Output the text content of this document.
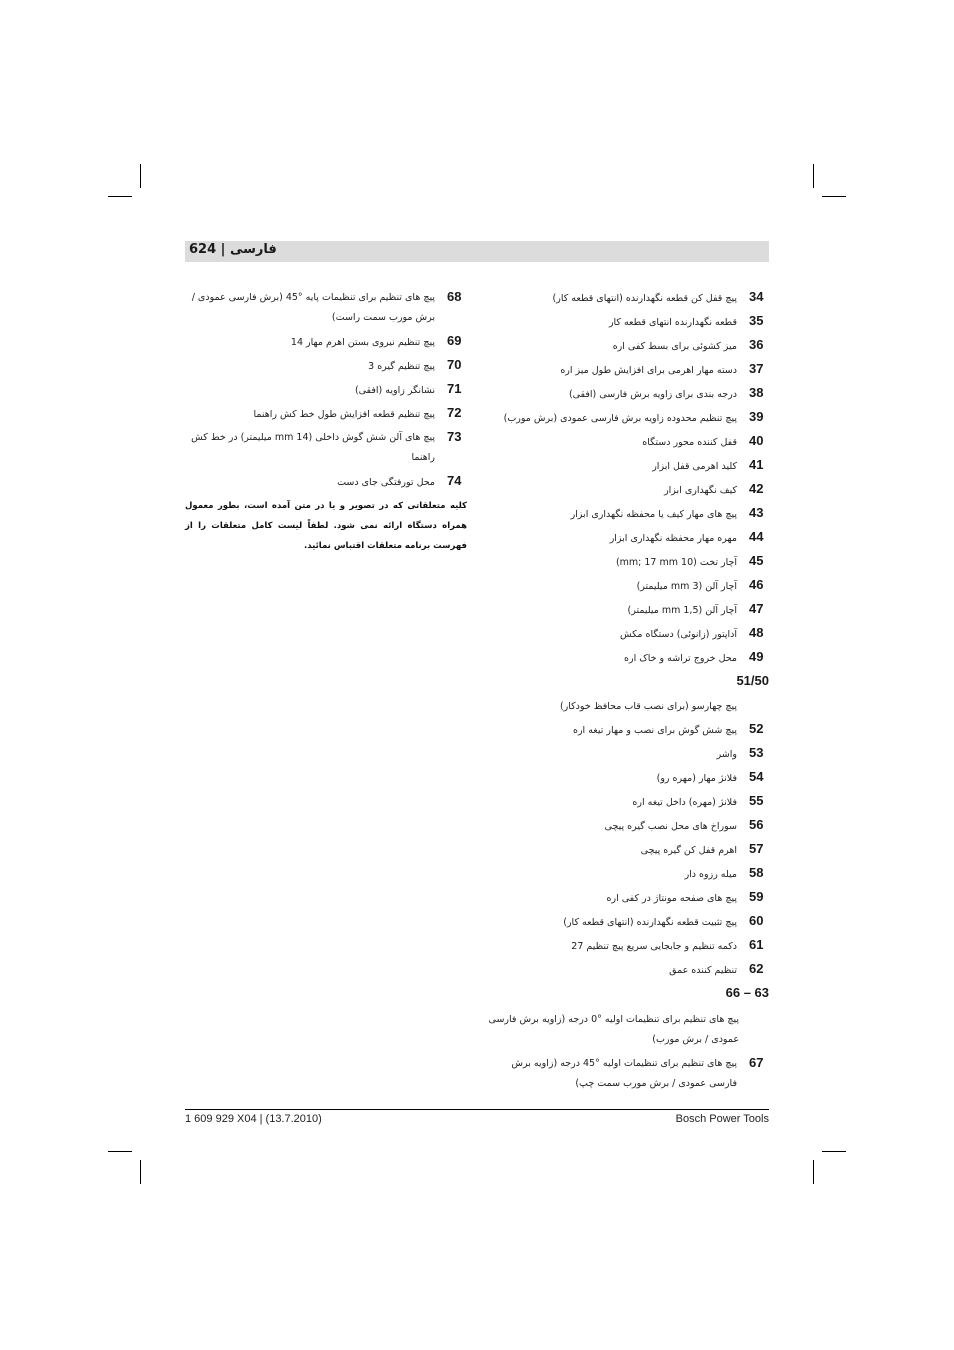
624 | فارسی
34
پیچ قفل کن قطعه نگهدارنده (انتهای قطعه کار)
35
قطعه نگهدارنده انتهای قطعه کار
36
میز کشوئی برای بسط کفی اره
37
دسته مهار اهرمی برای افزایش طول میز اره
38
درجه بندی برای زاویه برش فارسی (افقی)
39
پیچ تنظیم محدوده زاویه برش فارسی عمودی (برش مورب)
40
قفل کننده محور دستگاه
41
کلید اهرمی قفل ابزار
42
کیف نگهداری ابزار
43
پیچ های مهار کیف یا محفظه نگهداری ابزار
44
مهره مهار محفظه نگهداری ابزار
45
آچار تخت (10 mm; 17 mm)
46
آچار آلن (3 mm میلیمتر)
47
آچار آلن (1,5 mm میلیمتر)
48
آداپتور (زانوئی) دستگاه مکش
49
محل خروج تراشه و خاک اره
51/50
پیچ چهارسو (برای نصب قاب محافظ خودکار)
52
پیچ شش گوش برای نصب و مهار تیغه اره
53
واشر
54
فلانژ مهار (مهره رو)
55
فلانژ (مهره) داخل تیغه اره
56
سوراخ های محل نصب گیره پیچی
57
اهرم قفل کن گیره پیچی
58
میله رزوه دار
59
پیچ های صفحه مونتاژ در کفی اره
60
پیچ تثبیت قطعه نگهدارنده (انتهای قطعه کار)
61
دکمه تنظیم و جابجایی سریع پیچ تنظیم 27
62
تنظیم کننده عمق
66 – 63
پیچ های تنظیم برای تنظیمات اولیه °0 درجه (زاویه برش فارسی عمودی / برش مورب)
67
پیچ های تنظیم برای تنظیمات اولیه °45 درجه (زاویه برش فارسی عمودی / برش مورب سمت چپ)
68
پیچ های تنظیم برای تنظیمات پایه °45 (برش فارسی عمودی / برش مورب سمت راست)
69
پیچ تنظیم نیروی بستن اهرم مهار 14
70
پیچ تنظیم گیره 3
71
نشانگر زاویه (افقی)
72
پیچ تنظیم قطعه افزایش طول خط کش راهنما
73
پیچ های آلن شش گوش داخلی (14 mm میلیمتر) در خط کش راهنما
74
محل تورفتگی جای دست
کلیه متعلقاتی که در تصویر و یا در متن آمده است، بطور معمول همراه دستگاه ارائه نمی شود. لطفاً لیست کامل متعلقات را از فهرست برنامه متعلقات اقتباس نمائید.
1 609 929 X04 | (13.7.2010)	Bosch Power Tools
